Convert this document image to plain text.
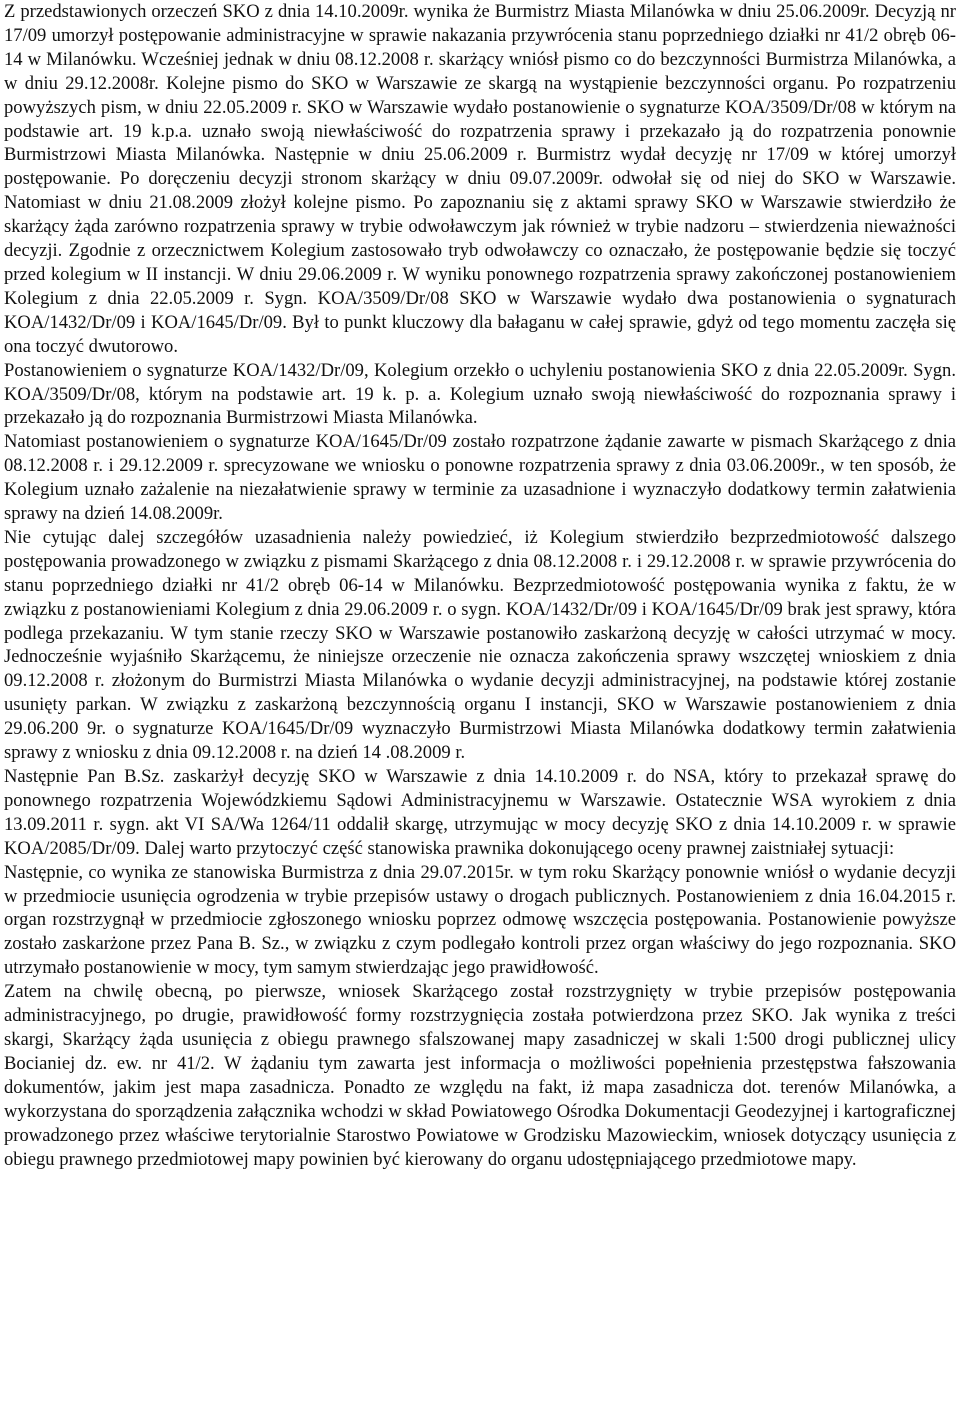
Z przedstawionych orzeczeń SKO z dnia 14.10.2009r. wynika że Burmistrz Miasta Milanówka w dniu 25.06.2009r. Decyzją nr 17/09 umorzył postępowanie administracyjne w sprawie nakazania przywrócenia stanu poprzedniego działki nr 41/2 obręb 06-14 w Milanówku. Wcześniej jednak w dniu 08.12.2008 r. skarżący wniósł pismo co do bezczynności Burmistrza Milanówka, a w dniu 29.12.2008r. Kolejne pismo do SKO w Warszawie ze skargą na wystąpienie bezczynności organu. Po rozpatrzeniu powyższych pism, w dniu 22.05.2009 r. SKO w Warszawie wydało postanowienie o sygnaturze KOA/3509/Dr/08 w którym na podstawie art. 19 k.p.a. uznało swoją niewłaściwość do rozpatrzenia sprawy i przekazało ją do rozpatrzenia ponownie Burmistrzowi Miasta Milanówka. Następnie w dniu 25.06.2009 r. Burmistrz wydał decyzję nr 17/09 w której umorzył postępowanie. Po doręczeniu decyzji stronom skarżący w dniu 09.07.2009r. odwołał się od niej do SKO w Warszawie. Natomiast w dniu 21.08.2009 złożył kolejne pismo. Po zapoznaniu się z aktami sprawy SKO w Warszawie stwierdziło że skarżący żąda zarówno rozpatrzenia sprawy w trybie odwoławczym jak również w trybie nadzoru – stwierdzenia nieważności decyzji. Zgodnie z orzecznictwem Kolegium zastosowało tryb odwoławczy co oznaczało, że postępowanie będzie się toczyć przed kolegium w II instancji. W dniu 29.06.2009 r. W wyniku ponownego rozpatrzenia sprawy zakończonej postanowieniem Kolegium z dnia 22.05.2009 r. Sygn. KOA/3509/Dr/08 SKO w Warszawie wydało dwa postanowienia o sygnaturach KOA/1432/Dr/09 i KOA/1645/Dr/09. Był to punkt kluczowy dla bałaganu w całej sprawie, gdyż od tego momentu zaczęła się ona toczyć dwutorowo.

Postanowieniem o sygnaturze KOA/1432/Dr/09, Kolegium orzekło o uchyleniu postanowienia SKO z dnia 22.05.2009r. Sygn. KOA/3509/Dr/08, którym na podstawie art. 19 k. p. a. Kolegium uznało swoją niewłaściwość do rozpoznania sprawy i przekazało ją do rozpoznania Burmistrzowi Miasta Milanówka.

Natomiast postanowieniem o sygnaturze KOA/1645/Dr/09 zostało rozpatrzone żądanie zawarte w pismach Skarżącego z dnia 08.12.2008 r. i 29.12.2009 r. sprecyzowane we wniosku o ponowne rozpatrzenia sprawy z dnia 03.06.2009r., w ten sposób, że Kolegium uznało zażalenie na niezałatwienie sprawy w terminie za uzasadnione i wyznaczyło dodatkowy termin załatwienia sprawy na dzień 14.08.2009r.

Nie cytując dalej szczegółów uzasadnienia należy powiedzieć, iż Kolegium stwierdziło bezprzedmiotowość dalszego postępowania prowadzonego w związku z pismami Skarżącego z dnia 08.12.2008 r. i 29.12.2008 r. w sprawie przywrócenia do stanu poprzedniego działki nr 41/2 obręb 06-14 w Milanówku. Bezprzedmiotowość postępowania wynika z faktu, że w związku z postanowieniami Kolegium z dnia 29.06.2009 r. o sygn. KOA/1432/Dr/09 i KOA/1645/Dr/09 brak jest sprawy, która podlega przekazaniu. W tym stanie rzeczy SKO w Warszawie postanowiło zaskarżoną decyzję w całości utrzymać w mocy. Jednocześnie wyjaśniło Skarżącemu, że niniejsze orzeczenie nie oznacza zakończenia sprawy wszczętej wnioskiem z dnia 09.12.2008 r. złożonym do Burmistrzi Miasta Milanówka o wydanie decyzji administracyjnej, na podstawie której zostanie usunięty parkan. W związku z zaskarżoną bezczynnością organu I instancji, SKO w Warszawie postanowieniem z dnia 29.06.200 9r. o sygnaturze KOA/1645/Dr/09 wyznaczyło Burmistrzowi Miasta Milanówka dodatkowy termin załatwienia sprawy z wniosku z dnia 09.12.2008 r. na dzień 14 .08.2009 r.

Następnie Pan B.Sz. zaskarżył decyzję SKO w Warszawie z dnia 14.10.2009 r. do NSA, który to przekazał sprawę do ponownego rozpatrzenia Wojewódzkiemu Sądowi Administracyjnemu w Warszawie. Ostatecznie WSA wyrokiem z dnia 13.09.2011 r. sygn. akt VI SA/Wa 1264/11 oddalił skargę, utrzymując w mocy decyzję SKO z dnia 14.10.2009 r. w sprawie KOA/2085/Dr/09. Dalej warto przytoczyć część stanowiska prawnika dokonującego oceny prawnej zaistniałej sytuacji:

Następnie, co wynika ze stanowiska Burmistrza z dnia 29.07.2015r. w tym roku Skarżący ponownie wniósł o wydanie decyzji w przedmiocie usunięcia ogrodzenia w trybie przepisów ustawy o drogach publicznych. Postanowieniem z dnia 16.04.2015 r. organ rozstrzygnął w przedmiocie zgłoszonego wniosku poprzez odmowę wszczęcia postępowania. Postanowienie powyższe zostało zaskarżone przez Pana B. Sz., w związku z czym podlegało kontroli przez organ właściwy do jego rozpoznania. SKO utrzymało postanowienie w mocy, tym samym stwierdzając jego prawidłowość.

Zatem na chwilę obecną, po pierwsze, wniosek Skarżącego został rozstrzygnięty w trybie przepisów postępowania administracyjnego, po drugie, prawidłowość formy rozstrzygnięcia została potwierdzona przez SKO. Jak wynika z treści skargi, Skarżący żąda usunięcia z obiegu prawnego sfalszowanej mapy zasadniczej w skali 1:500 drogi publicznej ulicy Bocianiej dz. ew. nr 41/2. W żądaniu tym zawarta jest informacja o możliwości popełnienia przestępstwa fałszowania dokumentów, jakim jest mapa zasadnicza. Ponadto ze względu na fakt, iż mapa zasadnicza dot. terenów Milanówka, a wykorzystana do sporządzenia załącznika wchodzi w skład Powiatowego Ośrodka Dokumentacji Geodezyjnej i kartograficznej prowadzonego przez właściwe terytorialnie Starostwo Powiatowe w Grodzisku Mazowieckim, wniosek dotyczący usunięcia z obiegu prawnego przedmiotowej mapy powinien być kierowany do organu udostępniającego przedmiotowe mapy.
